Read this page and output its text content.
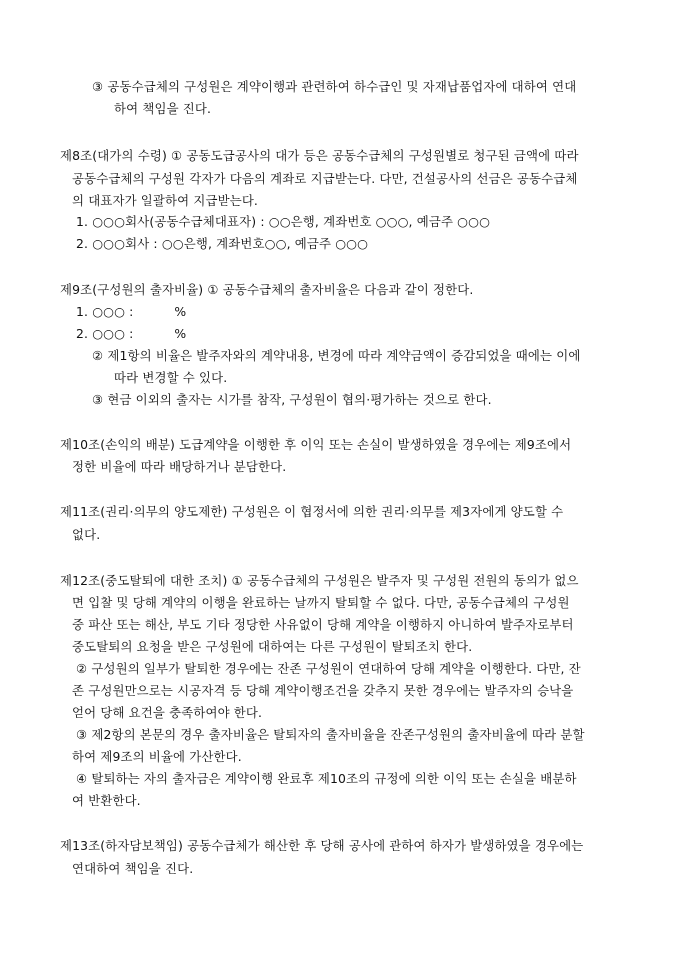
③ 공동수급체의 구성원은 계약이행과 관련하여 하수급인 및 자재납품업자에 대하여 연대
하여 책임을 진다.
제8조(대가의 수령) ① 공동도급공사의 대가 등은 공동수급체의 구성원별로 청구된 금액에 따라
공동수급체의 구성원 각자가 다음의 계좌로 지급받는다. 다만, 건설공사의 선금은 공동수급체
의 대표자가 일괄하여 지급받는다.
1. ○○○회사(공동수급체대표자) : ○○은행, 계좌번호 ○○○, 예금주 ○○○
2. ○○○회사 : ○○은행, 계좌번호○○, 예금주 ○○○
제9조(구성원의 출자비율) ① 공동수급체의 출자비율은 다음과 같이 정한다.
1. ○○○ :          %
2. ○○○ :          %
② 제1항의 비율은 발주자와의 계약내용, 변경에 따라 계약금액이 증감되었을 때에는 이에
따라 변경할 수 있다.
③ 현금 이외의 출자는 시가를 참작, 구성원이 협의·평가하는 것으로 한다.
제10조(손익의 배분) 도급계약을 이행한 후 이익 또는 손실이 발생하였을 경우에는 제9조에서
정한 비율에 따라 배당하거나 분담한다.
제11조(권리·의무의 양도제한) 구성원은 이 협정서에 의한 권리·의무를 제3자에게 양도할 수
없다.
제12조(중도탈퇴에 대한 조치) ① 공동수급체의 구성원은 발주자 및 구성원 전원의 동의가 없으
면 입찰 및 당해 계약의 이행을 완료하는 날까지 탈퇴할 수 없다. 다만, 공동수급체의 구성원
중 파산 또는 해산, 부도 기타 정당한 사유없이 당해 계약을 이행하지 아니하여 발주자로부터
중도탈퇴의 요청을 받은 구성원에 대하여는 다른 구성원이 탈퇴조치 한다.
② 구성원의 일부가 탈퇴한 경우에는 잔존 구성원이 연대하여 당해 계약을 이행한다. 다만, 잔
존 구성원만으로는 시공자격 등 당해 계약이행조건을 갖추지 못한 경우에는 발주자의 승낙을
얻어 당해 요건을 충족하여야 한다.
③ 제2항의 본문의 경우 출자비율은 탈퇴자의 출자비율을 잔존구성원의 출자비율에 따라 분할
하여 제9조의 비율에 가산한다.
④ 탈퇴하는 자의 출자금은 계약이행 완료후 제10조의 규정에 의한 이익 또는 손실을 배분하
여 반환한다.
제13조(하자담보책임) 공동수급체가 해산한 후 당해 공사에 관하여 하자가 발생하였을 경우에는
연대하여 책임을 진다.
